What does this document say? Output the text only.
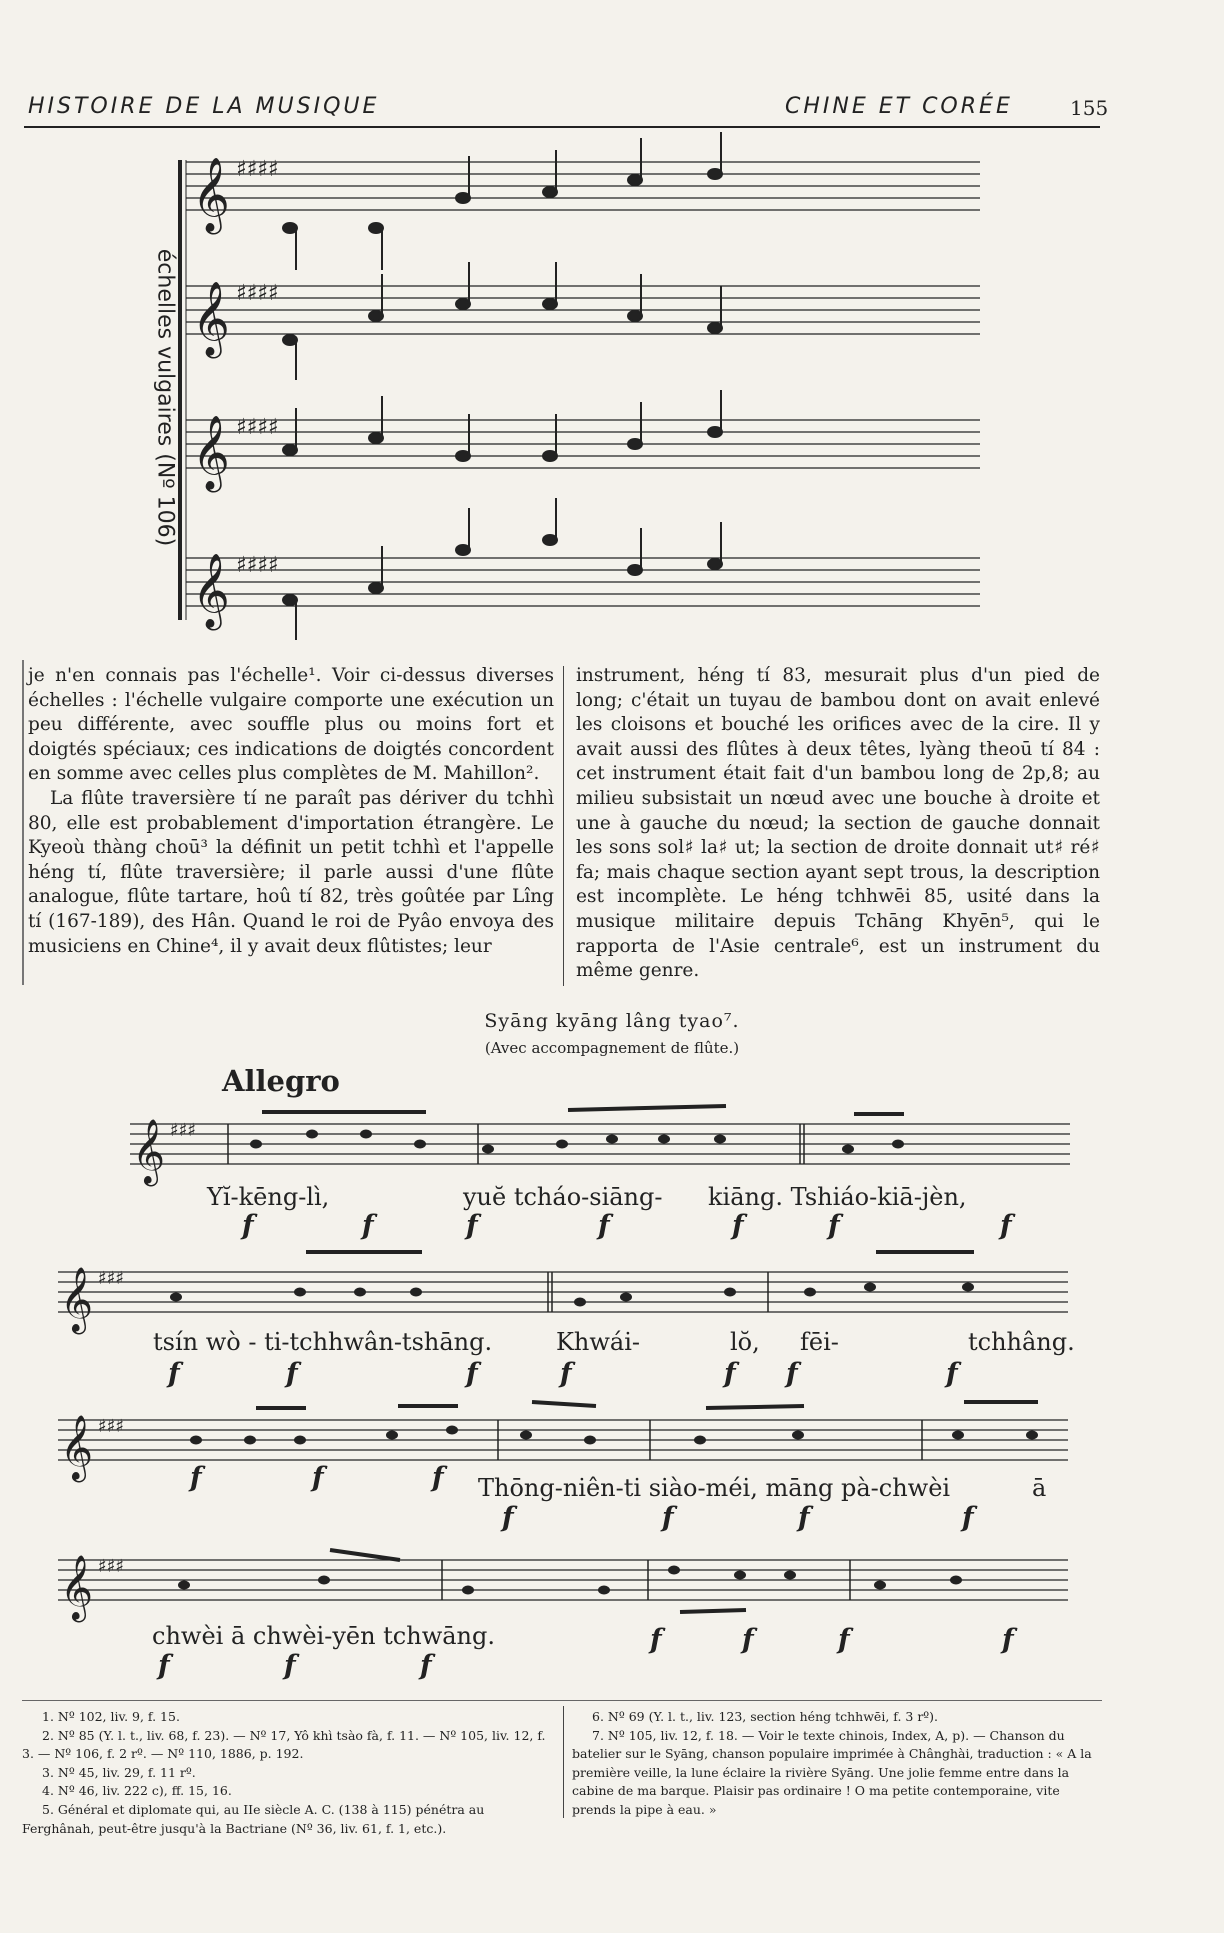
HISTOIRE DE LA MUSIQUE	CHINE ET CORÉE	155
échelles vulgaires (Nº 106)
𝄞
𝄞
𝄞
𝄞
♯♯♯♯
♯♯♯♯
♯♯♯♯
♯♯♯♯

je n'en connais pas l'échelle¹. Voir ci-dessus diverses échelles : l'échelle vulgaire comporte une exécution un peu différente, avec souffle plus ou moins fort et doigtés spéciaux; ces indications de doigtés concordent en somme avec celles plus complètes de M. Mahillon².

La flûte traversière tí ne paraît pas dériver du tchhì 80, elle est probablement d'importation étrangère. Le Kyeoù thàng choū³ la définit un petit tchhì et l'appelle héng tí, flûte traversière; il parle aussi d'une flûte analogue, flûte tartare, hoû tí 82, très goûtée par Lîng tí (167-189), des Hân. Quand le roi de Pyâo envoya des musiciens en Chine⁴, il y avait deux flûtistes; leur

instrument, héng tí 83, mesurait plus d'un pied de long; c'était un tuyau de bambou dont on avait enlevé les cloisons et bouché les orifices avec de la cire. Il y avait aussi des flûtes à deux têtes, lyàng theoū tí 84 : cet instrument était fait d'un bambou long de 2p,8; au milieu subsistait un nœud avec une bouche à droite et une à gauche du nœud; la section de gauche donnait les sons sol♯ la♯ ut; la section de droite donnait ut♯ ré♯ fa; mais chaque section ayant sept trous, la description est incomplète. Le héng tchhwēi 85, usité dans la musique militaire depuis Tchāng Khyēn⁵, qui le rapporta de l'Asie centrale⁶, est un instrument du même genre.

Syāng kyāng lâng tyao⁷.
(Avec accompagnement de flûte.)
Allegro
𝄞
𝄞
𝄞
𝄞
♯♯♯
♯♯♯
♯♯♯
♯♯♯
Yĭ-kēng-lì,	yuĕ tcháo-siāng- kiāng. Tshiáo-kiā-jèn,
tsín wò - ti-tchhwân-tshāng.	Khwái-	lŏ, fēi-	tchhâng.
Thōng-niên-ti siào-méi, māng pà-chwèi	ā
chwèi ā chwèi-yēn tchwāng.
f	f	f	f	f	f	f
f	f	f	f	f f	f
f	f	f
f	f	f	f
f	f	f
f	f	f	f

1. Nº 102, liv. 9, f. 15.

2. Nº 85 (Y. l. t., liv. 68, f. 23). — Nº 17, Yô khì tsào fà, f. 11. — Nº 105, liv. 12, f. 3. — Nº 106, f. 2 rº. — Nº 110, 1886, p. 192.

3. Nº 45, liv. 29, f. 11 rº.

4. Nº 46, liv. 222 c), ff. 15, 16.

5. Général et diplomate qui, au IIe siècle A. C. (138 à 115) pénétra au Ferghânah, peut-être jusqu'à la Bactriane (Nº 36, liv. 61, f. 1, etc.).

6. Nº 69 (Y. l. t., liv. 123, section héng tchhwēi, f. 3 rº).

7. Nº 105, liv. 12, f. 18. — Voir le texte chinois, Index, A, p). — Chanson du batelier sur le Syāng, chanson populaire imprimée à Chânghài, traduction : « A la première veille, la lune éclaire la rivière Syāng. Une jolie femme entre dans la cabine de ma barque. Plaisir pas ordinaire ! O ma petite contemporaine, vite prends la pipe à eau. »
